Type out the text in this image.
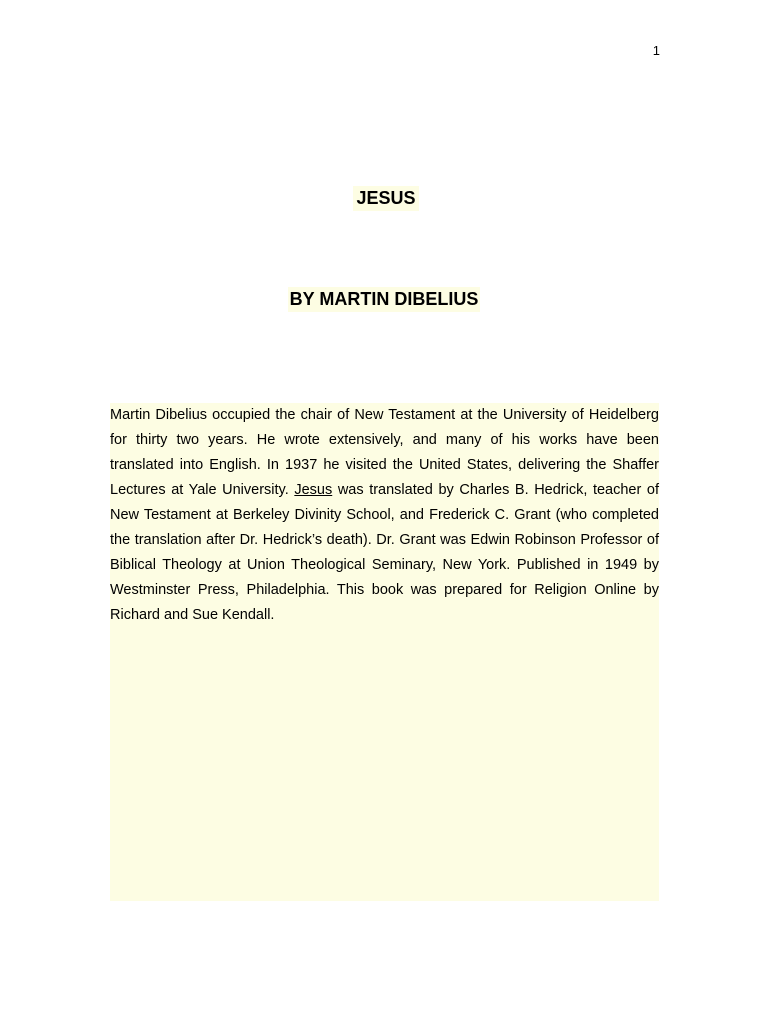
1
JESUS
BY MARTIN DIBELIUS

Martin Dibelius occupied the chair of New Testament at the University of Heidelberg for thirty two years. He wrote extensively, and many of his works have been translated into English. In 1937 he visited the United States, delivering the Shaffer Lectures at Yale University. Jesus was translated by Charles B. Hedrick, teacher of New Testament at Berkeley Divinity School, and Frederick C. Grant (who completed the translation after Dr. Hedrick’s death). Dr. Grant was Edwin Robinson Professor of Biblical Theology at Union Theological Seminary, New York. Published in 1949 by Westminster Press, Philadelphia. This book was prepared for Religion Online by Richard and Sue Kendall.
